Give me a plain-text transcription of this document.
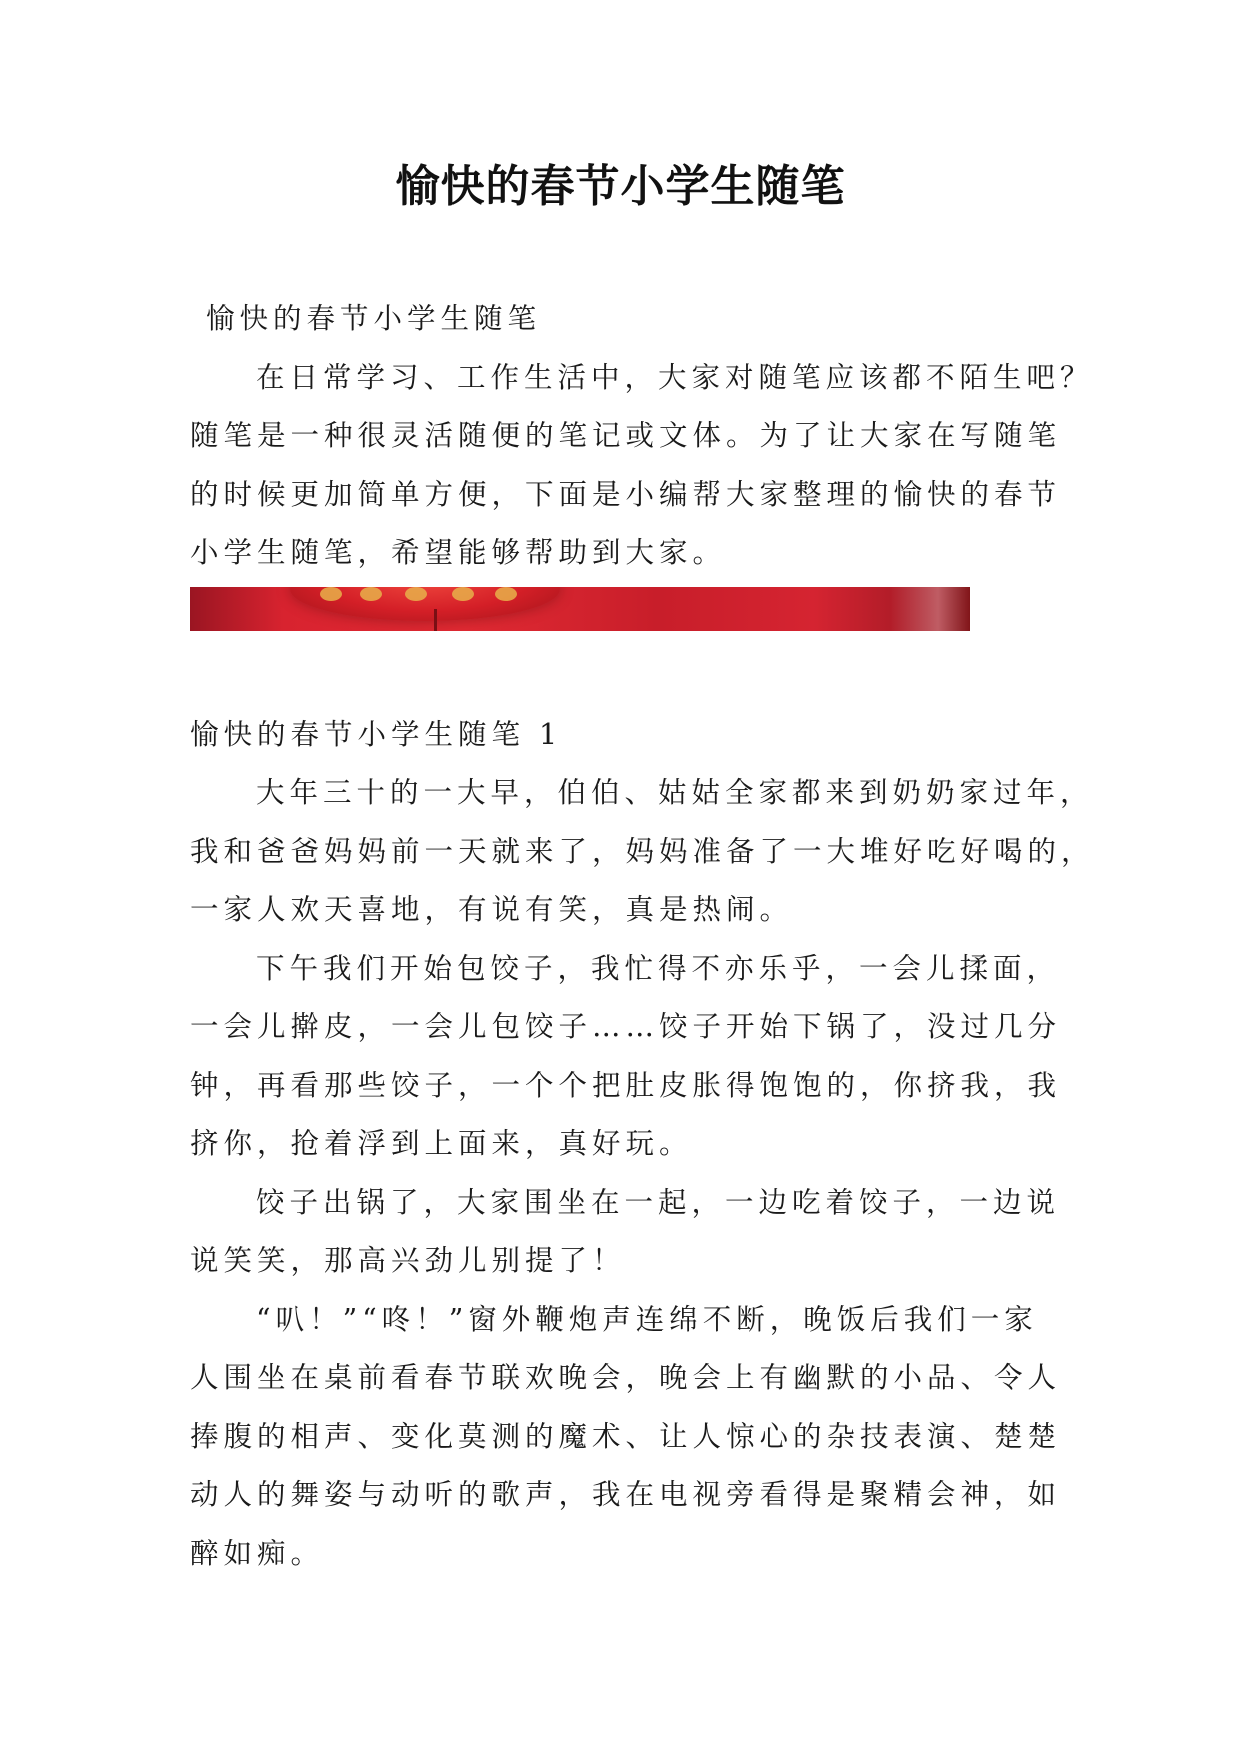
愉快的春节小学生随笔

愉快的春节小学生随笔

在日常学习、工作生活中，大家对随笔应该都不陌生吧？

随笔是一种很灵活随便的笔记或文体。为了让大家在写随笔

的时候更加简单方便，下面是小编帮大家整理的愉快的春节

小学生随笔，希望能够帮助到大家。

愉快的春节小学生随笔 1

大年三十的一大早，伯伯、姑姑全家都来到奶奶家过年，

我和爸爸妈妈前一天就来了，妈妈准备了一大堆好吃好喝的，

一家人欢天喜地，有说有笑，真是热闹。

下午我们开始包饺子，我忙得不亦乐乎，一会儿揉面，

一会儿擀皮，一会儿包饺子……饺子开始下锅了，没过几分

钟，再看那些饺子，一个个把肚皮胀得饱饱的，你挤我，我

挤你，抢着浮到上面来，真好玩。

饺子出锅了，大家围坐在一起，一边吃着饺子，一边说

说笑笑，那高兴劲儿别提了！

“叭！”“咚！”窗外鞭炮声连绵不断，晚饭后我们一家

人围坐在桌前看春节联欢晚会，晚会上有幽默的小品、令人

捧腹的相声、变化莫测的魔术、让人惊心的杂技表演、楚楚

动人的舞姿与动听的歌声，我在电视旁看得是聚精会神，如

醉如痴。
